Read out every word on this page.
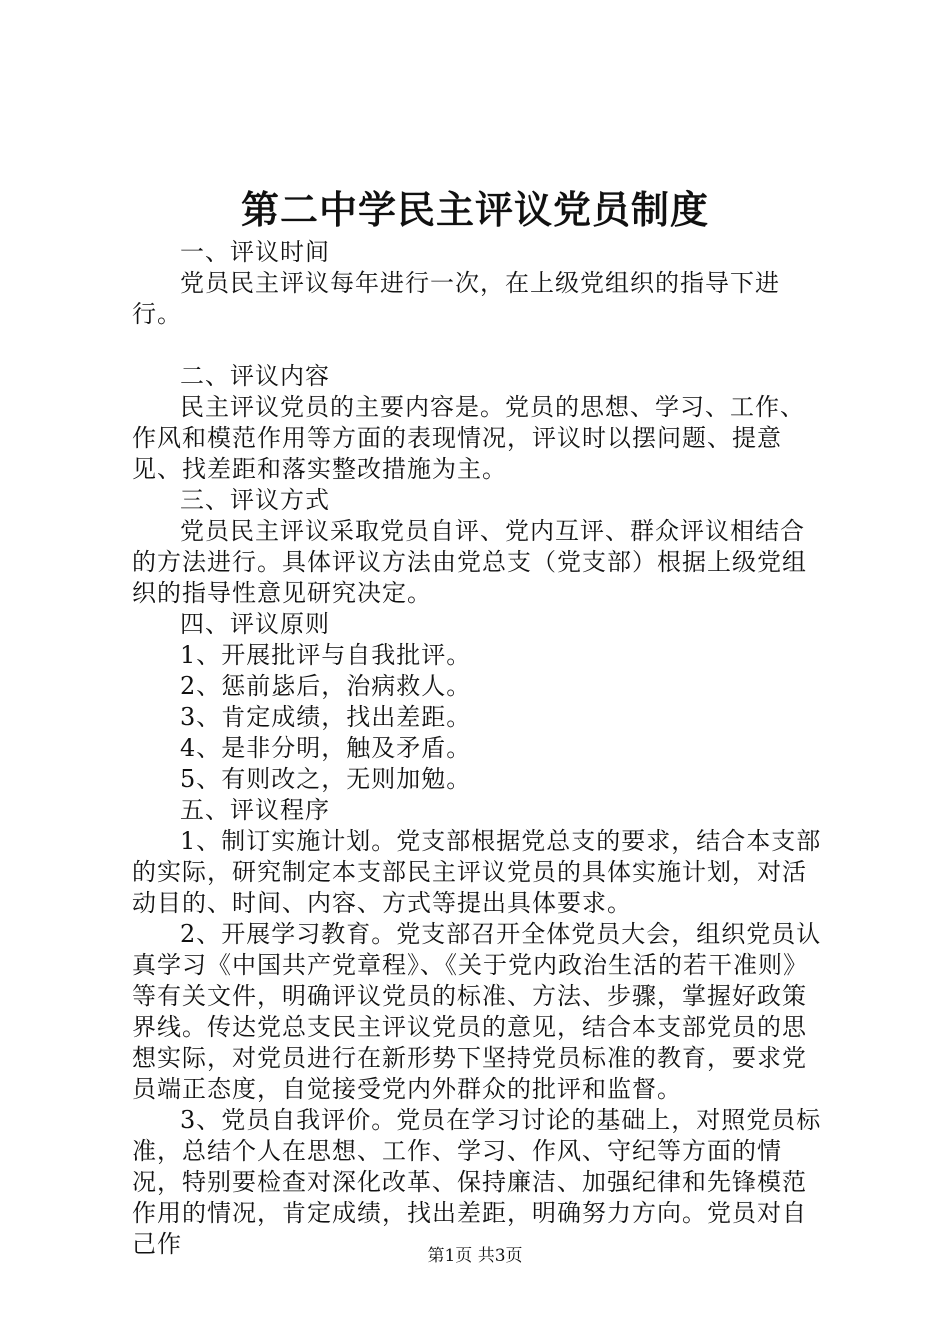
第二中学民主评议党员制度

一、评议时间

党员民主评议每年进行一次，在上级党组织的指导下进行。

二、评议内容

民主评议党员的主要内容是。党员的思想、学习、工作、作风和模范作用等方面的表现情况，评议时以摆问题、提意见、找差距和落实整改措施为主。

三、评议方式

党员民主评议采取党员自评、党内互评、群众评议相结合的方法进行。具体评议方法由党总支（党支部）根据上级党组织的指导性意见研究决定。

四、评议原则

1、开展批评与自我批评。

2、惩前毖后，治病救人。

3、肯定成绩，找出差距。

4、是非分明，触及矛盾。

5、有则改之，无则加勉。

五、评议程序

1、制订实施计划。党支部根据党总支的要求，结合本支部的实际，研究制定本支部民主评议党员的具体实施计划，对活动目的、时间、内容、方式等提出具体要求。

2、开展学习教育。党支部召开全体党员大会，组织党员认真学习《中国共产党章程》、《关于党内政治生活的若干准则》等有关文件，明确评议党员的标准、方法、步骤，掌握好政策界线。传达党总支民主评议党员的意见，结合本支部党员的思想实际，对党员进行在新形势下坚持党员标准的教育，要求党员端正态度，自觉接受党内外群众的批评和监督。

3、党员自我评价。党员在学习讨论的基础上，对照党员标准，总结个人在思想、工作、学习、作风、守纪等方面的情况，特别要检查对深化改革、保持廉洁、加强纪律和先锋模范作用的情况，肯定成绩，找出差距，明确努力方向。党员对自己作	第1页 共3页
